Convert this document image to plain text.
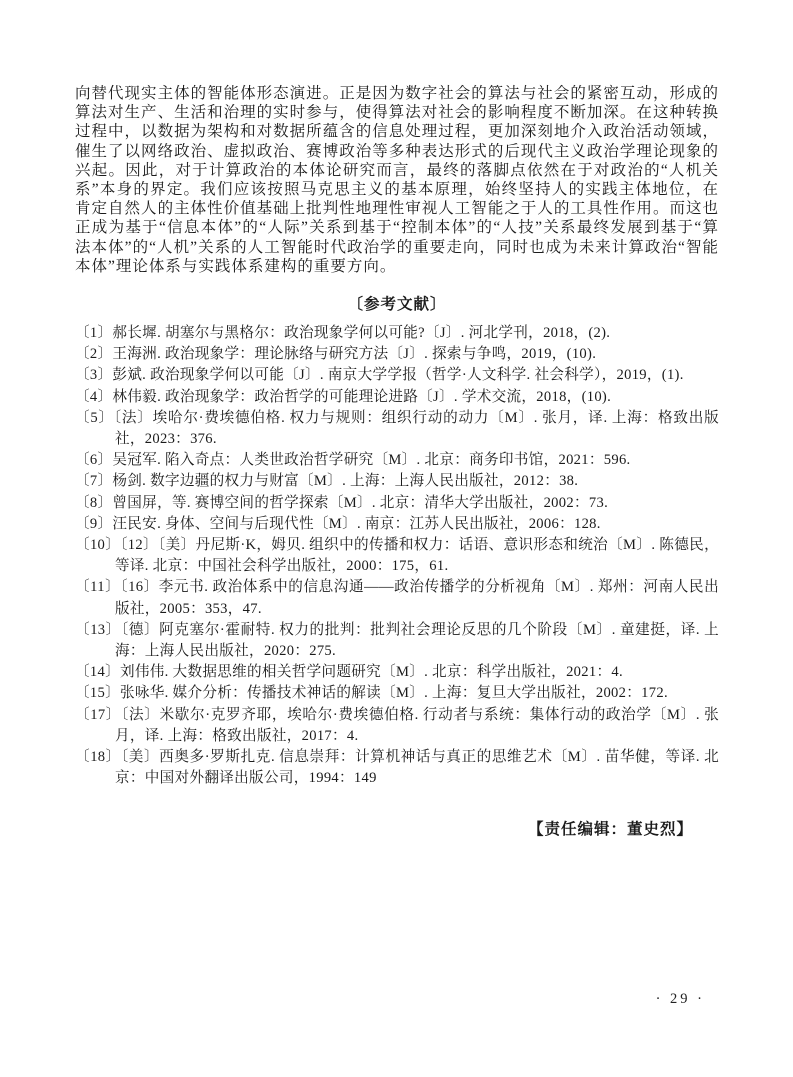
向替代现实主体的智能体形态演进。正是因为数字社会的算法与社会的紧密互动，形成的算法对生产、生活和治理的实时参与，使得算法对社会的影响程度不断加深。在这种转换过程中，以数据为架构和对数据所蕴含的信息处理过程，更加深刻地介入政治活动领域，催生了以网络政治、虚拟政治、赛博政治等多种表达形式的后现代主义政治学理论现象的兴起。因此，对于计算政治的本体论研究而言，最终的落脚点依然在于对政治的“人机关系”本身的界定。我们应该按照马克思主义的基本原理，始终坚持人的实践主体地位，在肯定自然人的主体性价值基础上批判性地理性审视人工智能之于人的工具性作用。而这也正成为基于“信息本体”的“人际”关系到基于“控制本体”的“人技”关系最终发展到基于“算法本体”的“人机”关系的人工智能时代政治学的重要走向，同时也成为未来计算政治“智能本体”理论体系与实践体系建构的重要方向。

〔参考文献〕

〔1〕郝长墀. 胡塞尔与黑格尔：政治现象学何以可能?〔J〕. 河北学刊，2018，(2).

〔2〕王海洲. 政治现象学：理论脉络与研究方法〔J〕. 探索与争鸣，2019，(10).

〔3〕彭斌. 政治现象学何以可能〔J〕. 南京大学学报（哲学·人文科学. 社会科学），2019，(1).

〔4〕林伟毅. 政治现象学：政治哲学的可能理论进路〔J〕. 学术交流，2018，(10).

〔5〕〔法〕埃哈尔·费埃德伯格. 权力与规则：组织行动的动力〔M〕. 张月，译. 上海：格致出版社，2023：376.

〔6〕吴冠军. 陷入奇点：人类世政治哲学研究〔M〕. 北京：商务印书馆，2021：596.

〔7〕杨剑. 数字边疆的权力与财富〔M〕. 上海：上海人民出版社，2012：38.

〔8〕曾国屏，等. 赛博空间的哲学探索〔M〕. 北京：清华大学出版社，2002：73.

〔9〕汪民安. 身体、空间与后现代性〔M〕. 南京：江苏人民出版社，2006：128.

〔10〕〔12〕〔美〕丹尼斯·K，姆贝. 组织中的传播和权力：话语、意识形态和统治〔M〕. 陈德民，等译. 北京：中国社会科学出版社，2000：175，61.

〔11〕〔16〕李元书. 政治体系中的信息沟通——政治传播学的分析视角〔M〕. 郑州：河南人民出版社，2005：353，47.

〔13〕〔德〕阿克塞尔·霍耐特. 权力的批判：批判社会理论反思的几个阶段〔M〕. 童建挺，译. 上海：上海人民出版社，2020：275.

〔14〕刘伟伟. 大数据思维的相关哲学问题研究〔M〕. 北京：科学出版社，2021：4.

〔15〕张咏华. 媒介分析：传播技术神话的解读〔M〕. 上海：复旦大学出版社，2002：172.

〔17〕〔法〕米歇尔·克罗齐耶，埃哈尔·费埃德伯格. 行动者与系统：集体行动的政治学〔M〕. 张月，译. 上海：格致出版社，2017：4.

〔18〕〔美〕西奥多·罗斯扎克. 信息崇拜：计算机神话与真正的思维艺术〔M〕. 苗华健，等译. 北京：中国对外翻译出版公司，1994：149

【责任编辑：董史烈】

· 29 ·
